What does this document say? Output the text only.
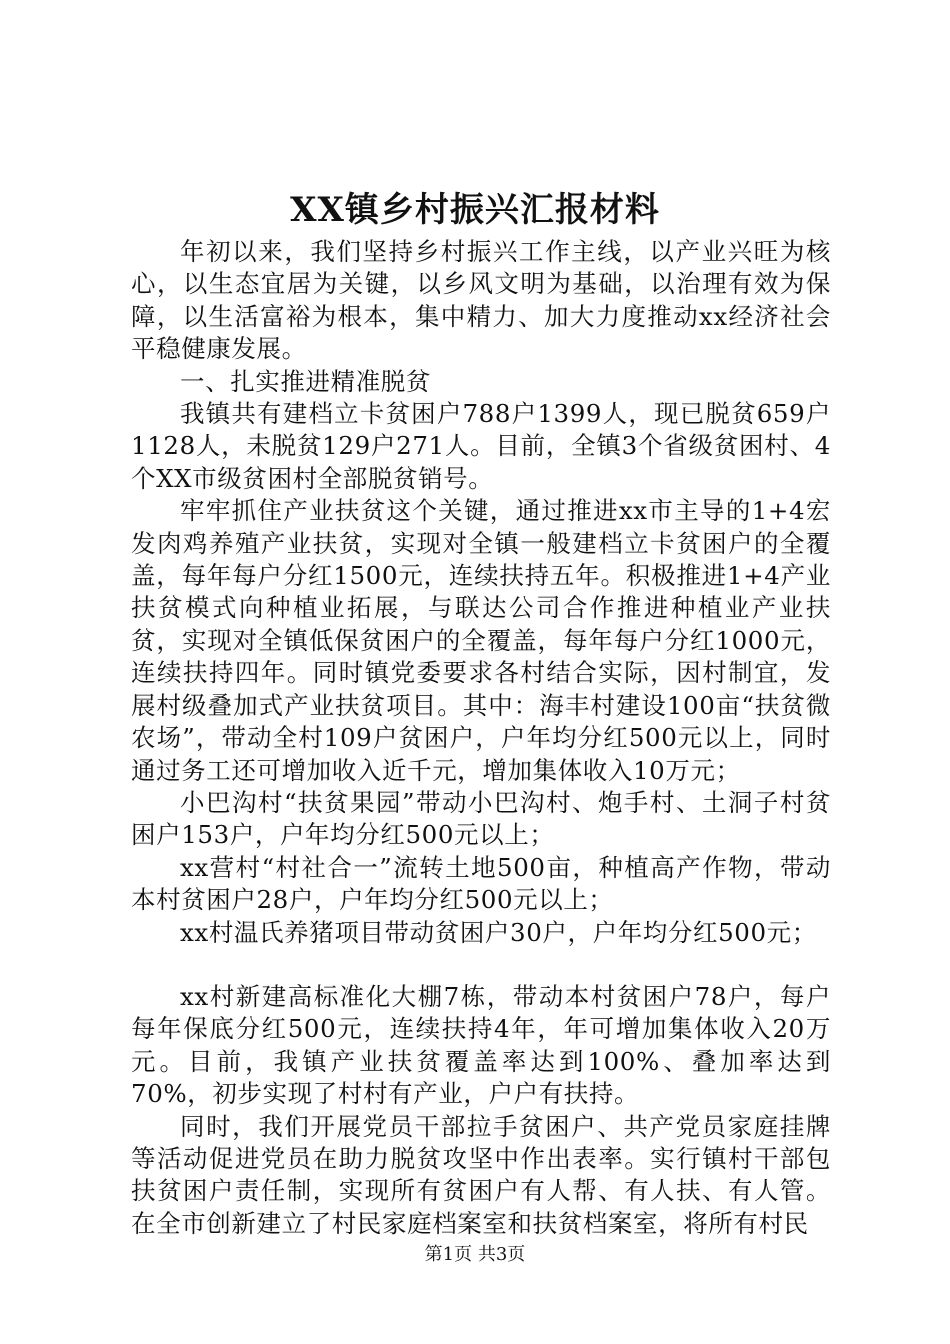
XX镇乡村振兴汇报材料

年初以来，我们坚持乡村振兴工作主线，以产业兴旺为核心，以生态宜居为关键，以乡风文明为基础，以治理有效为保障，以生活富裕为根本，集中精力、加大力度推动xx经济社会平稳健康发展。

一、扎实推进精准脱贫

我镇共有建档立卡贫困户788户1399人，现已脱贫659户1128人，未脱贫129户271人。目前，全镇3个省级贫困村、4个XX市级贫困村全部脱贫销号。

牢牢抓住产业扶贫这个关键，通过推进xx市主导的1+4宏发肉鸡养殖产业扶贫，实现对全镇一般建档立卡贫困户的全覆盖，每年每户分红1500元，连续扶持五年。积极推进1+4产业扶贫模式向种植业拓展，与联达公司合作推进种植业产业扶贫，实现对全镇低保贫困户的全覆盖，每年每户分红1000元，连续扶持四年。同时镇党委要求各村结合实际，因村制宜，发展村级叠加式产业扶贫项目。其中：海丰村建设100亩“扶贫微农场”，带动全村109户贫困户，户年均分红500元以上，同时通过务工还可增加收入近千元，增加集体收入10万元；

小巴沟村“扶贫果园”带动小巴沟村、炮手村、土洞子村贫困户153户，户年均分红500元以上；

xx营村“村社合一”流转土地500亩，种植高产作物，带动本村贫困户28户，户年均分红500元以上；

xx村温氏养猪项目带动贫困户30户，户年均分红500元；

xx村新建高标准化大棚7栋，带动本村贫困户78户，每户每年保底分红500元，连续扶持4年，年可增加集体收入20万元。目前，我镇产业扶贫覆盖率达到100%、叠加率达到70%，初步实现了村村有产业，户户有扶持。

同时，我们开展党员干部拉手贫困户、共产党员家庭挂牌等活动促进党员在助力脱贫攻坚中作出表率。实行镇村干部包扶贫困户责任制，实现所有贫困户有人帮、有人扶、有人管。在全市创新建立了村民家庭档案室和扶贫档案室，将所有村民

第1页 共3页
